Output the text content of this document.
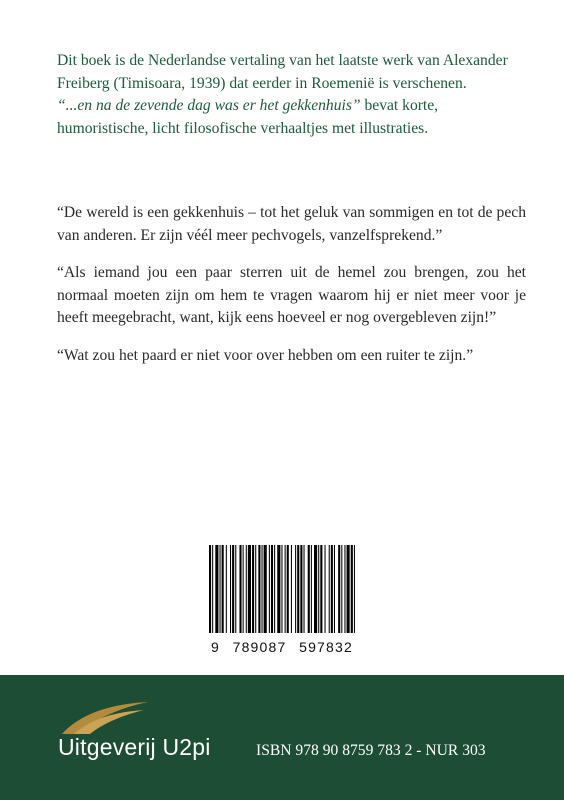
Dit boek is de Nederlandse vertaling van het laatste werk van Alexander Freiberg (Timisoara, 1939) dat eerder in Roemenië is verschenen.
“...en na de zevende dag was er het gekkenhuis” bevat korte, humoristische, licht filosofische verhaaltjes met illustraties.

“De wereld is een gekkenhuis – tot het geluk van sommigen en tot de pech van anderen. Er zijn véél meer pechvogels, vanzelfsprekend.”

“Als iemand jou een paar sterren uit de hemel zou brengen, zou het normaal moeten zijn om hem te vragen waarom hij er niet meer voor je heeft meegebracht, want, kijk eens hoeveel er nog overgebleven zijn!”

“Wat zou het paard er niet voor over hebben om een ruiter te zijn.”

9 789087 597832
Uitgeverij U2pi	ISBN 978 90 8759 783 2 - NUR 303
